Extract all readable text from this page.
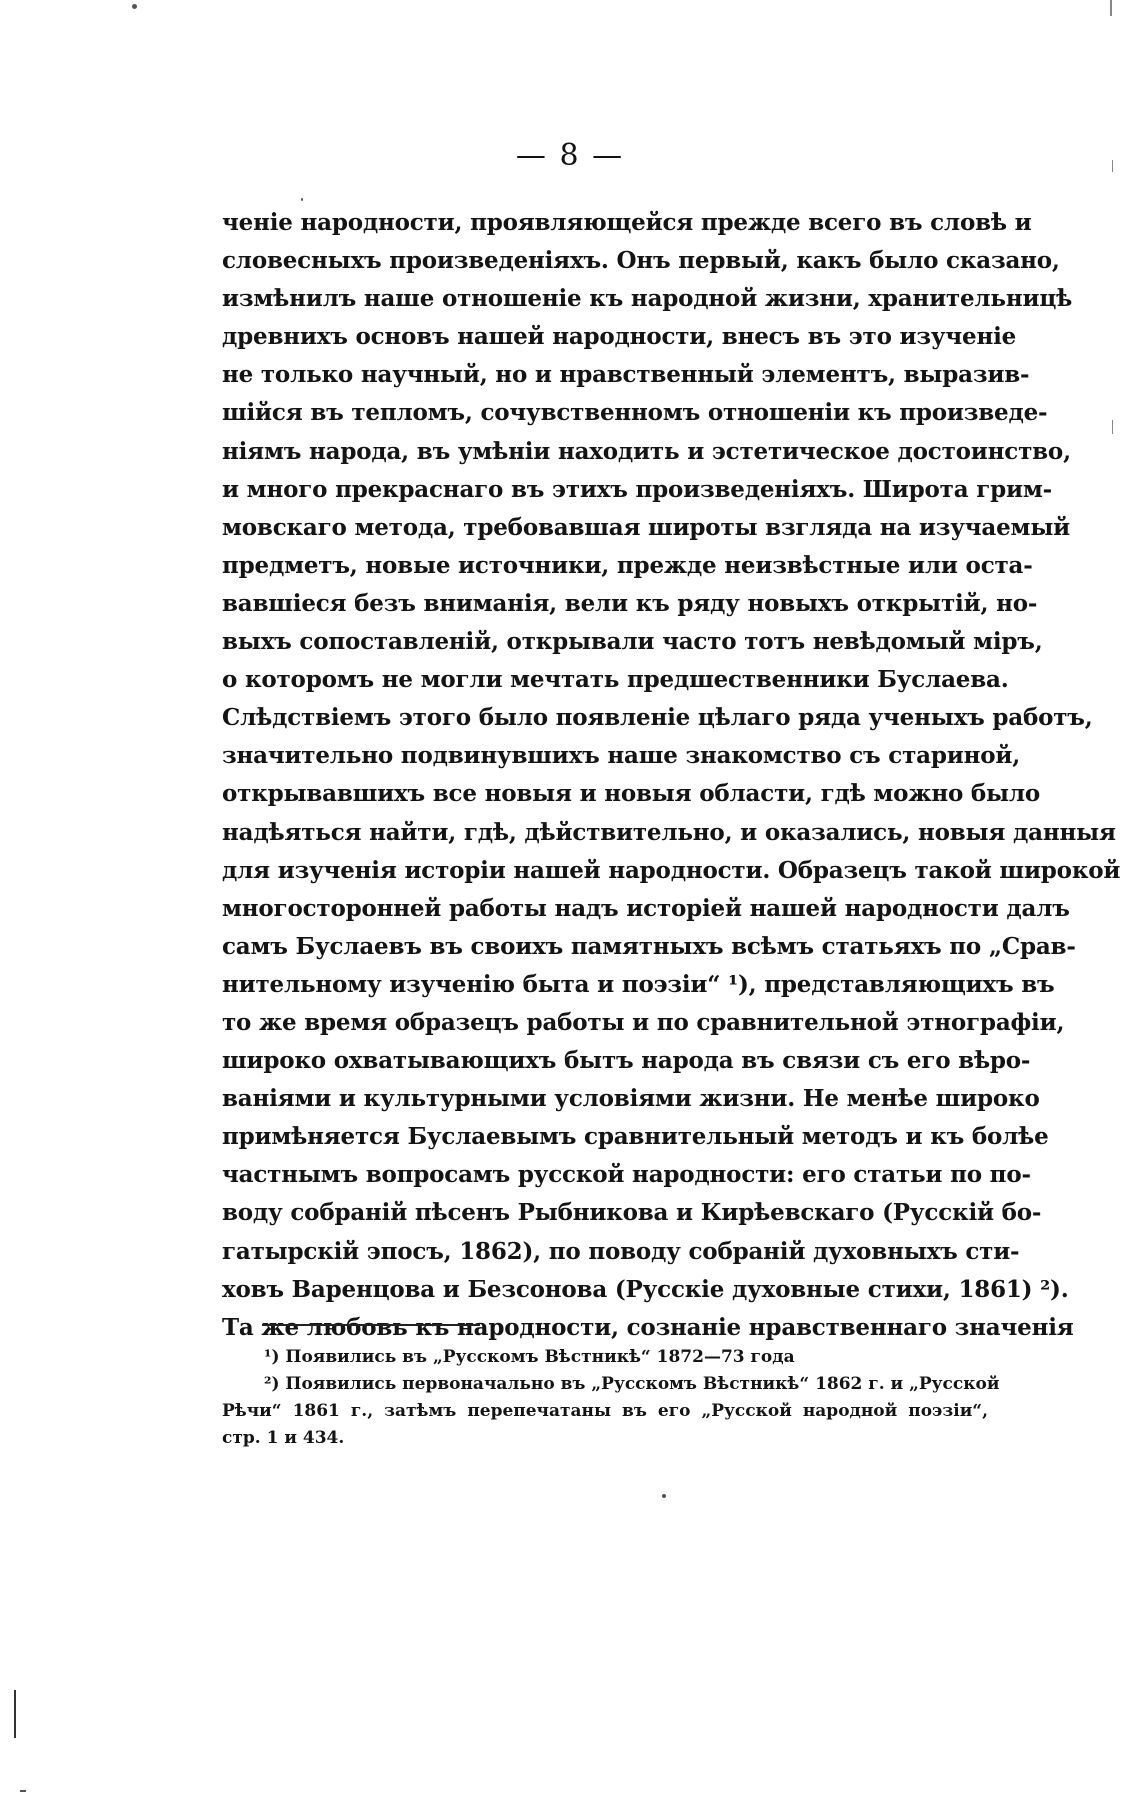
— 8 —
ченіе народности, проявляющейся прежде всего въ словѣ и
словесныхъ произведеніяхъ. Онъ первый, какъ было сказано,
измѣнилъ наше отношеніе къ народной жизни, хранительницѣ
древнихъ основъ нашей народности, внесъ въ это изученіе
не только научный, но и нравственный элементъ, выразив-
шійся въ тепломъ, сочувственномъ отношеніи къ произведе-
ніямъ народа, въ умѣніи находить и эстетическое достоинство,
и много прекраснаго въ этихъ произведеніяхъ. Широта грим-
мовскаго метода, требовавшая широты взгляда на изучаемый
предметъ, новые источники, прежде неизвѣстные или оста-
вавшіеся безъ вниманія, вели къ ряду новыхъ открытій, но-
выхъ сопоставленій, открывали часто тотъ невѣдомый міръ,
о которомъ не могли мечтать предшественники Буслаева.
Слѣдствіемъ этого было появленіе цѣлаго ряда ученыхъ работъ,
значительно подвинувшихъ наше знакомство съ стариной,
открывавшихъ все новыя и новыя области, гдѣ можно было
надѣяться найти, гдѣ, дѣйствительно, и оказались, новыя данныя
для изученія исторіи нашей народности. Образецъ такой широкой
многосторонней работы надъ исторіей нашей народности далъ
самъ Буслаевъ въ своихъ памятныхъ всѣмъ статьяхъ по „Срав-
нительному изученію быта и поэзіи“ ¹), представляющихъ въ
то же время образецъ работы и по сравнительной этнографіи,
широко охватывающихъ бытъ народа въ связи съ его вѣро-
ваніями и культурными условіями жизни. Не менѣе широко
примѣняется Буслаевымъ сравнительный методъ и къ болѣе
частнымъ вопросамъ русской народности: его статьи по по-
воду собраній пѣсенъ Рыбникова и Кирѣевскаго (Русскій бо-
гатырскій эпосъ, 1862), по поводу собраній духовныхъ сти-
ховъ Варенцова и Безсонова (Русскіе духовные стихи, 1861) ²).
Та же любовь къ народности, сознаніе нравственнаго значенія
¹) Появились въ „Русскомъ Вѣстникѣ“ 1872—73 года
²) Появились первоначально въ „Русскомъ Вѣстникѣ“ 1862 г. и „Русской
Рѣчи“ 1861 г., затѣмъ перепечатаны въ его „Русской народной поэзіи“,
стр. 1 и 434.
